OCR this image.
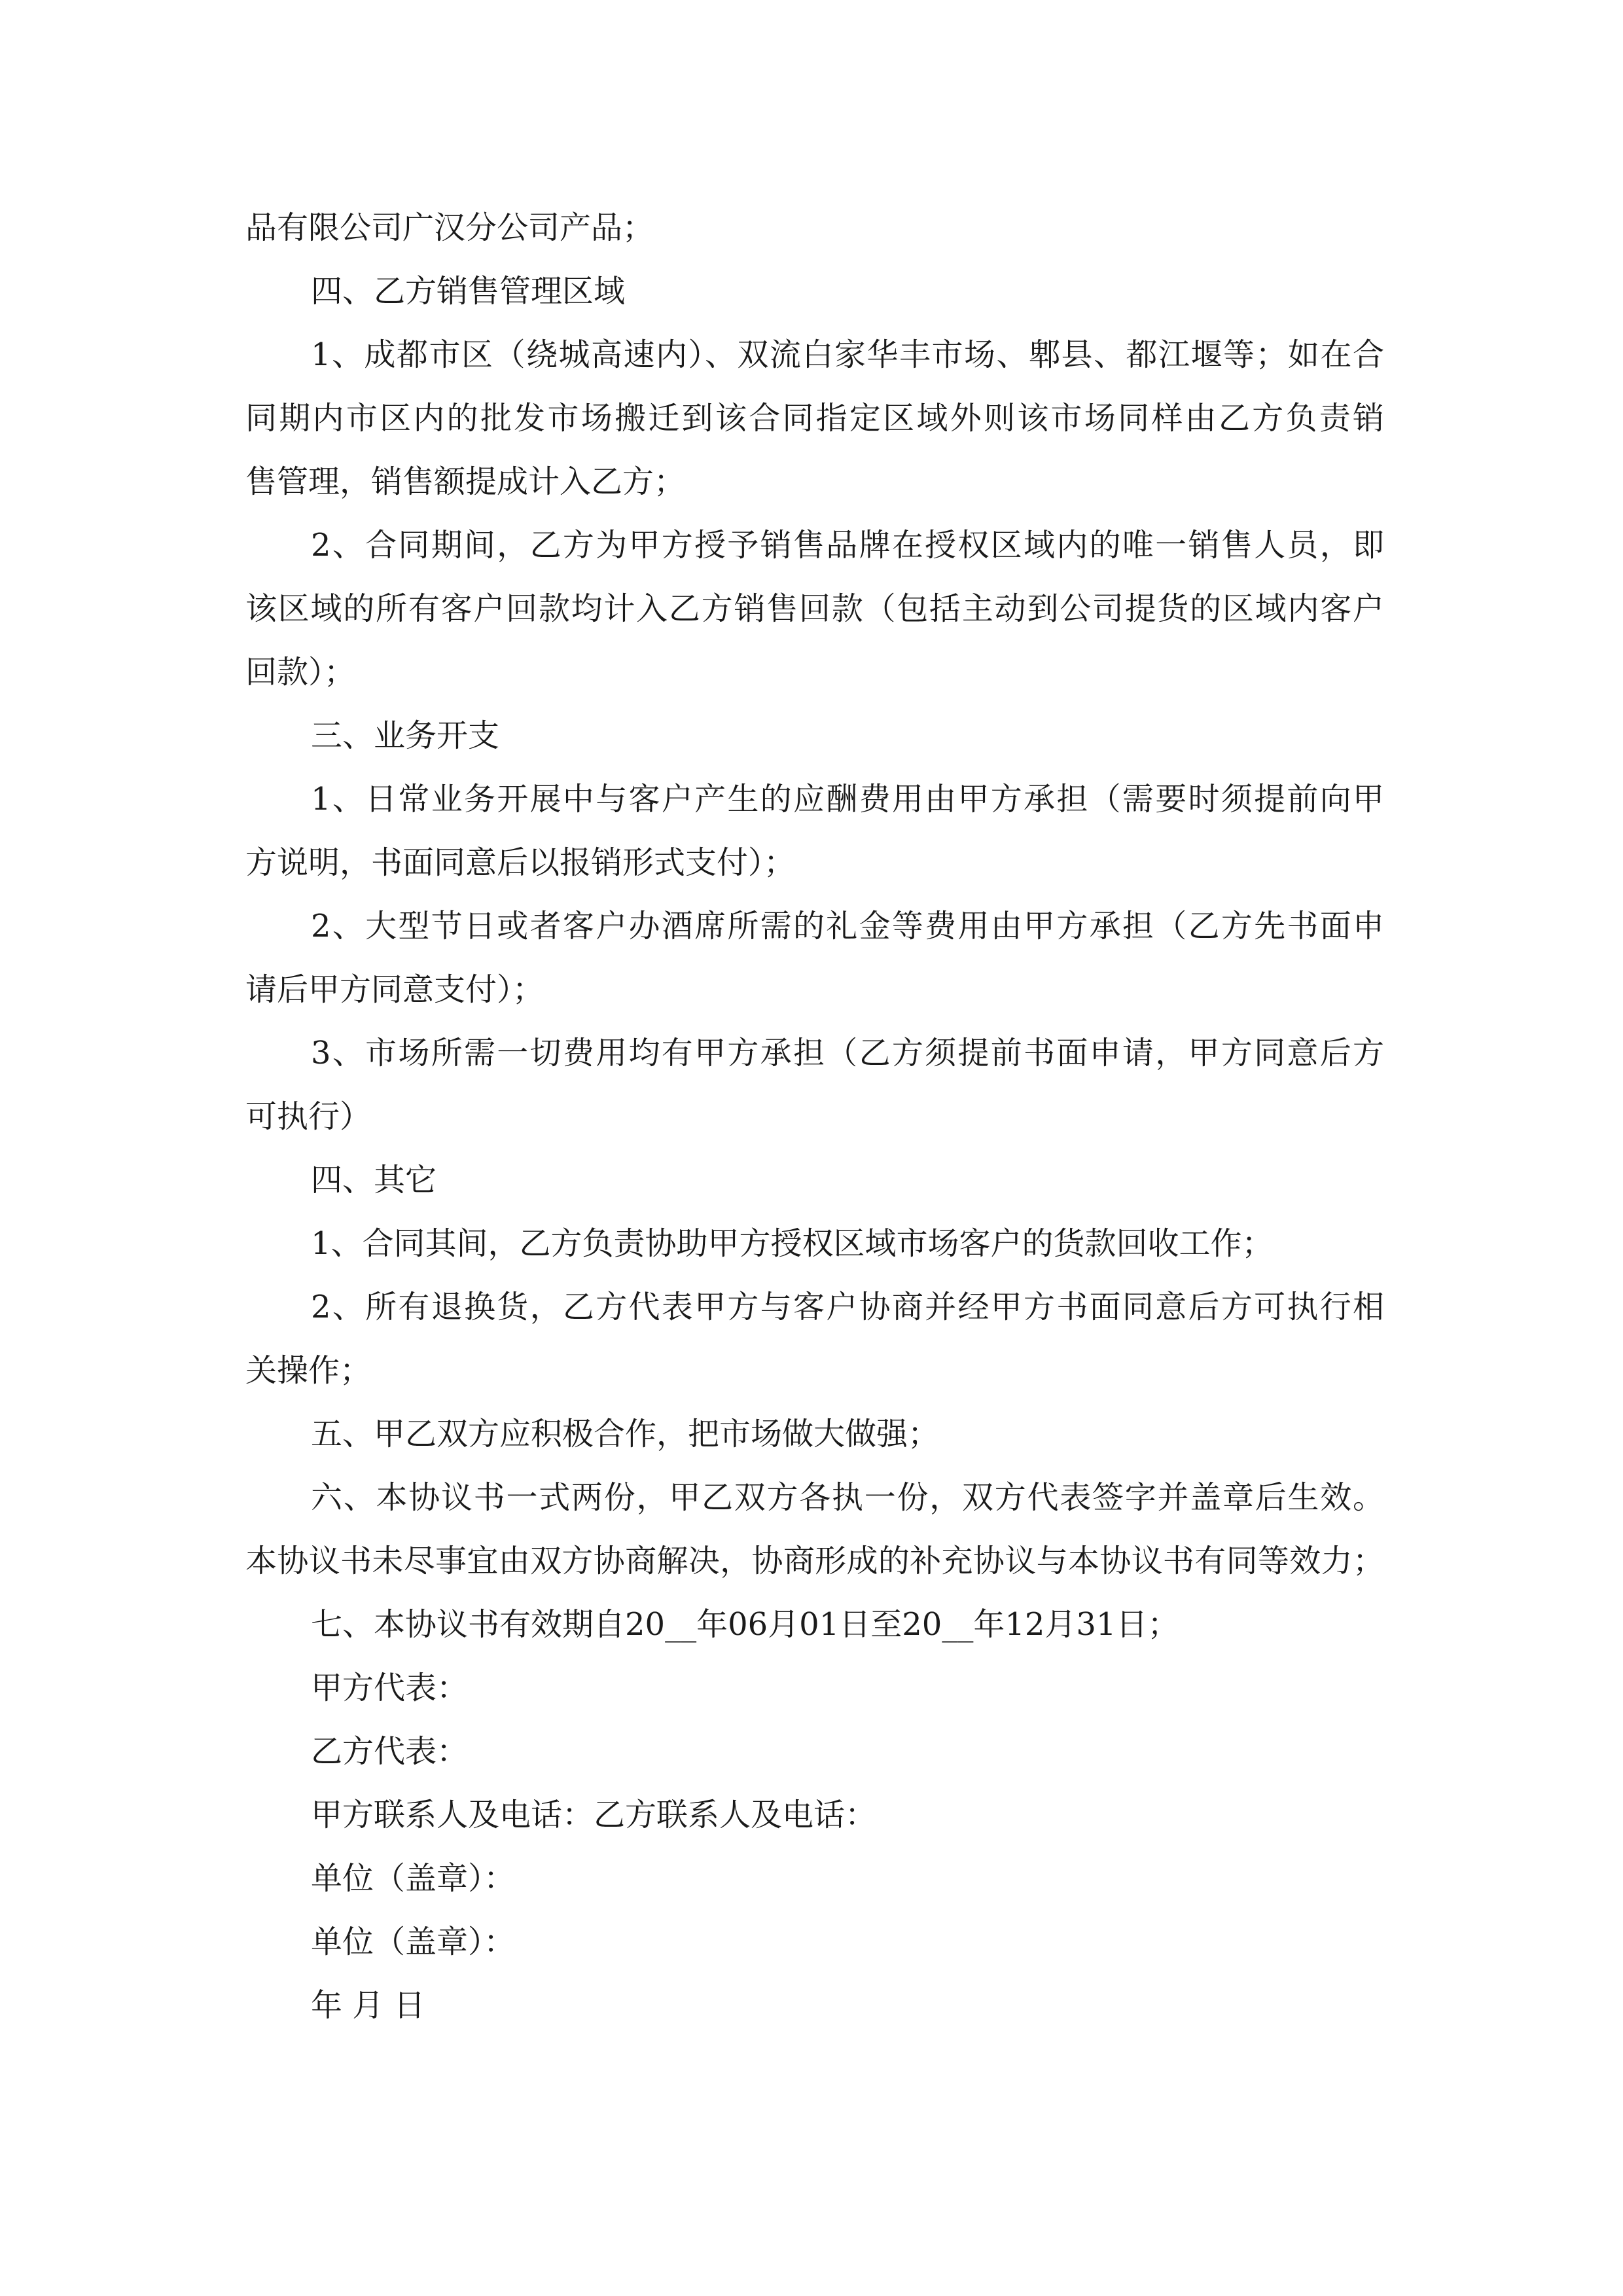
品有限公司广汉分公司产品；
四、乙方销售管理区域
1、成都市区（绕城高速内）、双流白家华丰市场、郫县、都江堰等；如在合
同期内市区内的批发市场搬迁到该合同指定区域外则该市场同样由乙方负责销
售管理，销售额提成计入乙方；
2、合同期间，乙方为甲方授予销售品牌在授权区域内的唯一销售人员，即
该区域的所有客户回款均计入乙方销售回款（包括主动到公司提货的区域内客户
回款）；
三、业务开支
1、日常业务开展中与客户产生的应酬费用由甲方承担（需要时须提前向甲
方说明，书面同意后以报销形式支付）；
2、大型节日或者客户办酒席所需的礼金等费用由甲方承担（乙方先书面申
请后甲方同意支付）；
3、市场所需一切费用均有甲方承担（乙方须提前书面申请，甲方同意后方
可执行）
四、其它
1、合同其间，乙方负责协助甲方授权区域市场客户的货款回收工作；
2、所有退换货，乙方代表甲方与客户协商并经甲方书面同意后方可执行相
关操作；
五、甲乙双方应积极合作，把市场做大做强；
六、本协议书一式两份，甲乙双方各执一份，双方代表签字并盖章后生效。
本协议书未尽事宜由双方协商解决，协商形成的补充协议与本协议书有同等效力；
七、本协议书有效期自20__年06月01日至20__年12月31日；
甲方代表：
乙方代表：
甲方联系人及电话：乙方联系人及电话：
单位（盖章）：
单位（盖章）：
年 月 日
